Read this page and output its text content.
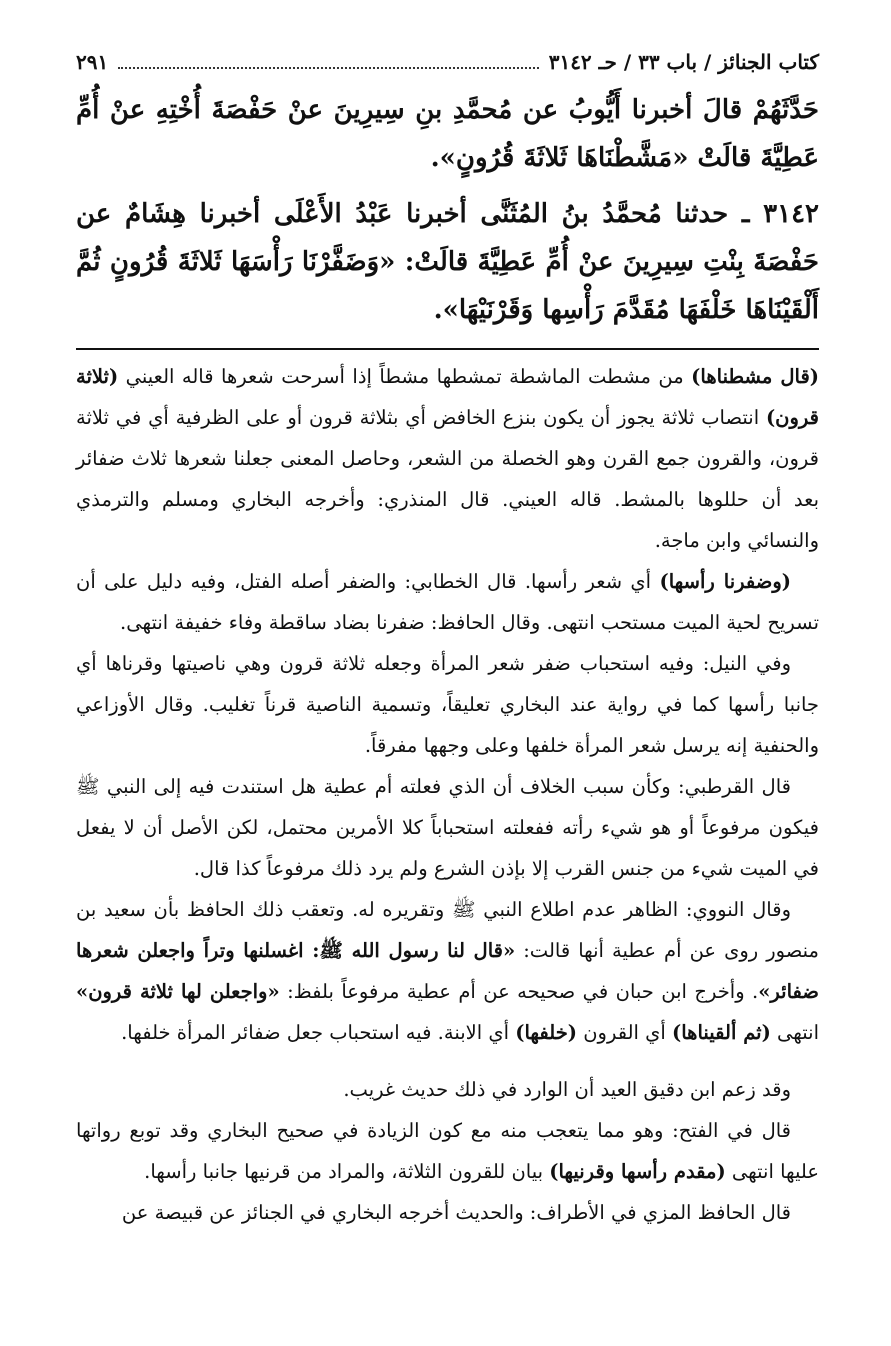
كتاب الجنائز / باب ٣٣ / حـ ٣١٤٢
٢٩١

حَدَّثَهُمْ قالَ أخبرنا أَيُّوبُ عن مُحمَّدِ بنِ سِيرِينَ عنْ حَفْصَةَ أُخْتِهِ عنْ أُمِّ عَطِيَّةَ قالَتْ «مَشَّطْنَاهَا ثَلاثَةَ قُرُونٍ».

٣١٤٢ ـ حدثنا مُحمَّدُ بنُ المُثَنَّى أخبرنا عَبْدُ الأَعْلَى أخبرنا هِشَامٌ عن حَفْصَةَ بِنْتِ سِيرِينَ عنْ أُمِّ عَطِيَّةَ قالَتْ: «وَضَفَّرْنَا رَأْسَهَا ثَلاثَةَ قُرُونٍ ثُمَّ أَلْقَيْنَاهَا خَلْفَهَا مُقَدَّمَ رَأْسِها وَقَرْنَيْهَا».

(قال مشطناها) من مشطت الماشطة تمشطها مشطاً إذا أسرحت شعرها قاله العيني (ثلاثة قرون) انتصاب ثلاثة يجوز أن يكون بنزع الخافض أي بثلاثة قرون أو على الظرفية أي في ثلاثة قرون، والقرون جمع القرن وهو الخصلة من الشعر، وحاصل المعنى جعلنا شعرها ثلاث ضفائر بعد أن حللوها بالمشط. قاله العيني. قال المنذري: وأخرجه البخاري ومسلم والترمذي والنسائي وابن ماجة.

(وضفرنا رأسها) أي شعر رأسها. قال الخطابي: والضفر أصله الفتل، وفيه دليل على أن تسريح لحية الميت مستحب انتهى. وقال الحافظ: ضفرنا بضاد ساقطة وفاء خفيفة انتهى.

وفي النيل: وفيه استحباب ضفر شعر المرأة وجعله ثلاثة قرون وهي ناصيتها وقرناها أي جانبا رأسها كما في رواية عند البخاري تعليقاً، وتسمية الناصية قرناً تغليب. وقال الأوزاعي والحنفية إنه يرسل شعر المرأة خلفها وعلى وجهها مفرقاً.

قال القرطبي: وكأن سبب الخلاف أن الذي فعلته أم عطية هل استندت فيه إلى النبي ﷺ فيكون مرفوعاً أو هو شيء رأته ففعلته استحباباً كلا الأمرين محتمل، لكن الأصل أن لا يفعل في الميت شيء من جنس القرب إلا بإذن الشرع ولم يرد ذلك مرفوعاً كذا قال.

وقال النووي: الظاهر عدم اطلاع النبي ﷺ وتقريره له. وتعقب ذلك الحافظ بأن سعيد بن منصور روى عن أم عطية أنها قالت: «قال لنا رسول الله ﷺ: اغسلنها وتراً واجعلن شعرها ضفائر». وأخرج ابن حبان في صحيحه عن أم عطية مرفوعاً بلفظ: «واجعلن لها ثلاثة قرون» انتهى (ثم ألقيناها) أي القرون (خلفها) أي الابنة. فيه استحباب جعل ضفائر المرأة خلفها.

وقد زعم ابن دقيق العيد أن الوارد في ذلك حديث غريب.

قال في الفتح: وهو مما يتعجب منه مع كون الزيادة في صحيح البخاري وقد توبع رواتها عليها انتهى (مقدم رأسها وقرنيها) بيان للقرون الثلاثة، والمراد من قرنيها جانبا رأسها.

قال الحافظ المزي في الأطراف: والحديث أخرجه البخاري في الجنائز عن قبيصة عن
